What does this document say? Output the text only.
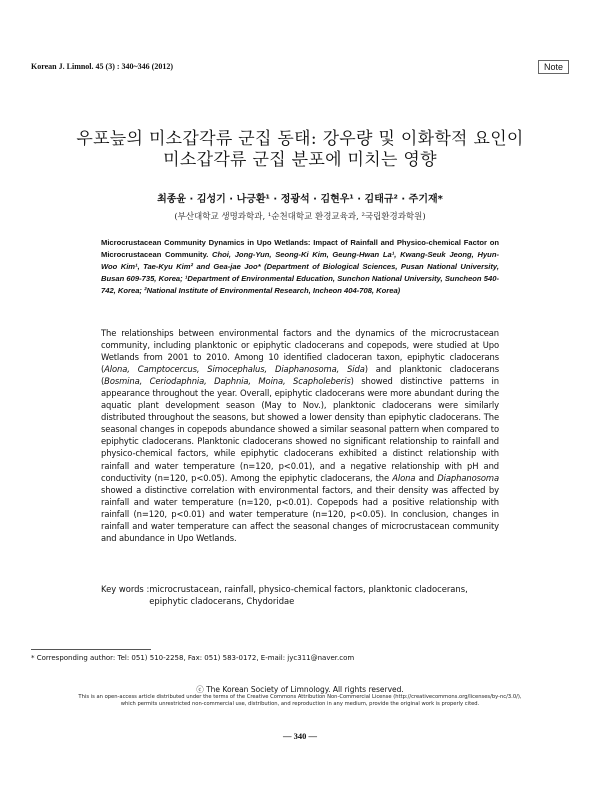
Korean J. Limnol. 45 (3) : 340~346 (2012)	Note
우포늪의 미소갑각류 군집 동태: 강우량 및 이화학적 요인이
미소갑각류 군집 분포에 미치는 영향
최종윤 · 김성기 · 나긍환¹ · 정광석 · 김현우¹ · 김태규² · 주기재*
(부산대학교 생명과학과, ¹순천대학교 환경교육과, ²국립환경과학원)
Microcrustacean Community Dynamics in Upo Wetlands: Impact of Rainfall and Physico-chemical Factor on Microcrustacean Community. Choi, Jong-Yun, Seong-Ki Kim, Geung-Hwan La¹, Kwang-Seuk Jeong, Hyun-Woo Kim¹, Tae-Kyu Kim² and Gea-jae Joo* (Department of Biological Sciences, Pusan National University, Busan 609-735, Korea; ¹Department of Environmental Education, Sunchon National University, Suncheon 540-742, Korea; ²National Institute of Environmental Research, Incheon 404-708, Korea)
The relationships between environmental factors and the dynamics of the microcrustacean community, including planktonic or epiphytic cladocerans and copepods, were studied at Upo Wetlands from 2001 to 2010. Among 10 identified cladoceran taxon, epiphytic cladocerans (Alona, Camptocercus, Simocephalus, Diaphanosoma, Sida) and planktonic cladocerans (Bosmina, Ceriodaphnia, Daphnia, Moina, Scapholeberis) showed distinctive patterns in appearance throughout the year. Overall, epiphytic cladocerans were more abundant during the aquatic plant development season (May to Nov.), planktonic cladocerans were similarly distributed throughout the seasons, but showed a lower density than epiphytic cladocerans. The seasonal changes in copepods abundance showed a similar seasonal pattern when compared to epiphytic cladocerans. Planktonic cladocerans showed no significant relationship to rainfall and physico-chemical factors, while epiphytic cladocerans exhibited a distinct relationship with rainfall and water temperature (n=120, p<0.01), and a negative relationship with pH and conductivity (n=120, p<0.05). Among the epiphytic cladocerans, the Alona and Diaphanosoma showed a distinctive correlation with environmental factors, and their density was affected by rainfall and water temperature (n=120, p<0.01). Copepods had a positive relationship with rainfall (n=120, p<0.01) and water temperature (n=120, p<0.05). In conclusion, changes in rainfall and water temperature can affect the seasonal changes of microcrustacean community and abundance in Upo Wetlands.
Key words : microcrustacean, rainfall, physico-chemical factors, planktonic cladocerans, epiphytic cladocerans, Chydoridae
* Corresponding author: Tel: 051) 510-2258, Fax: 051) 583-0172, E-mail: jyc311@naver.com
ⓒ The Korean Society of Limnology. All rights reserved.
This is an open-access article distributed under the terms of the Creative Commons Attribution Non-Commercial License (http://creativecommons.org/licenses/by-nc/3.0/),
which permits unrestricted non-commercial use, distribution, and reproduction in any medium, provide the original work is properly cited.
— 340 —
